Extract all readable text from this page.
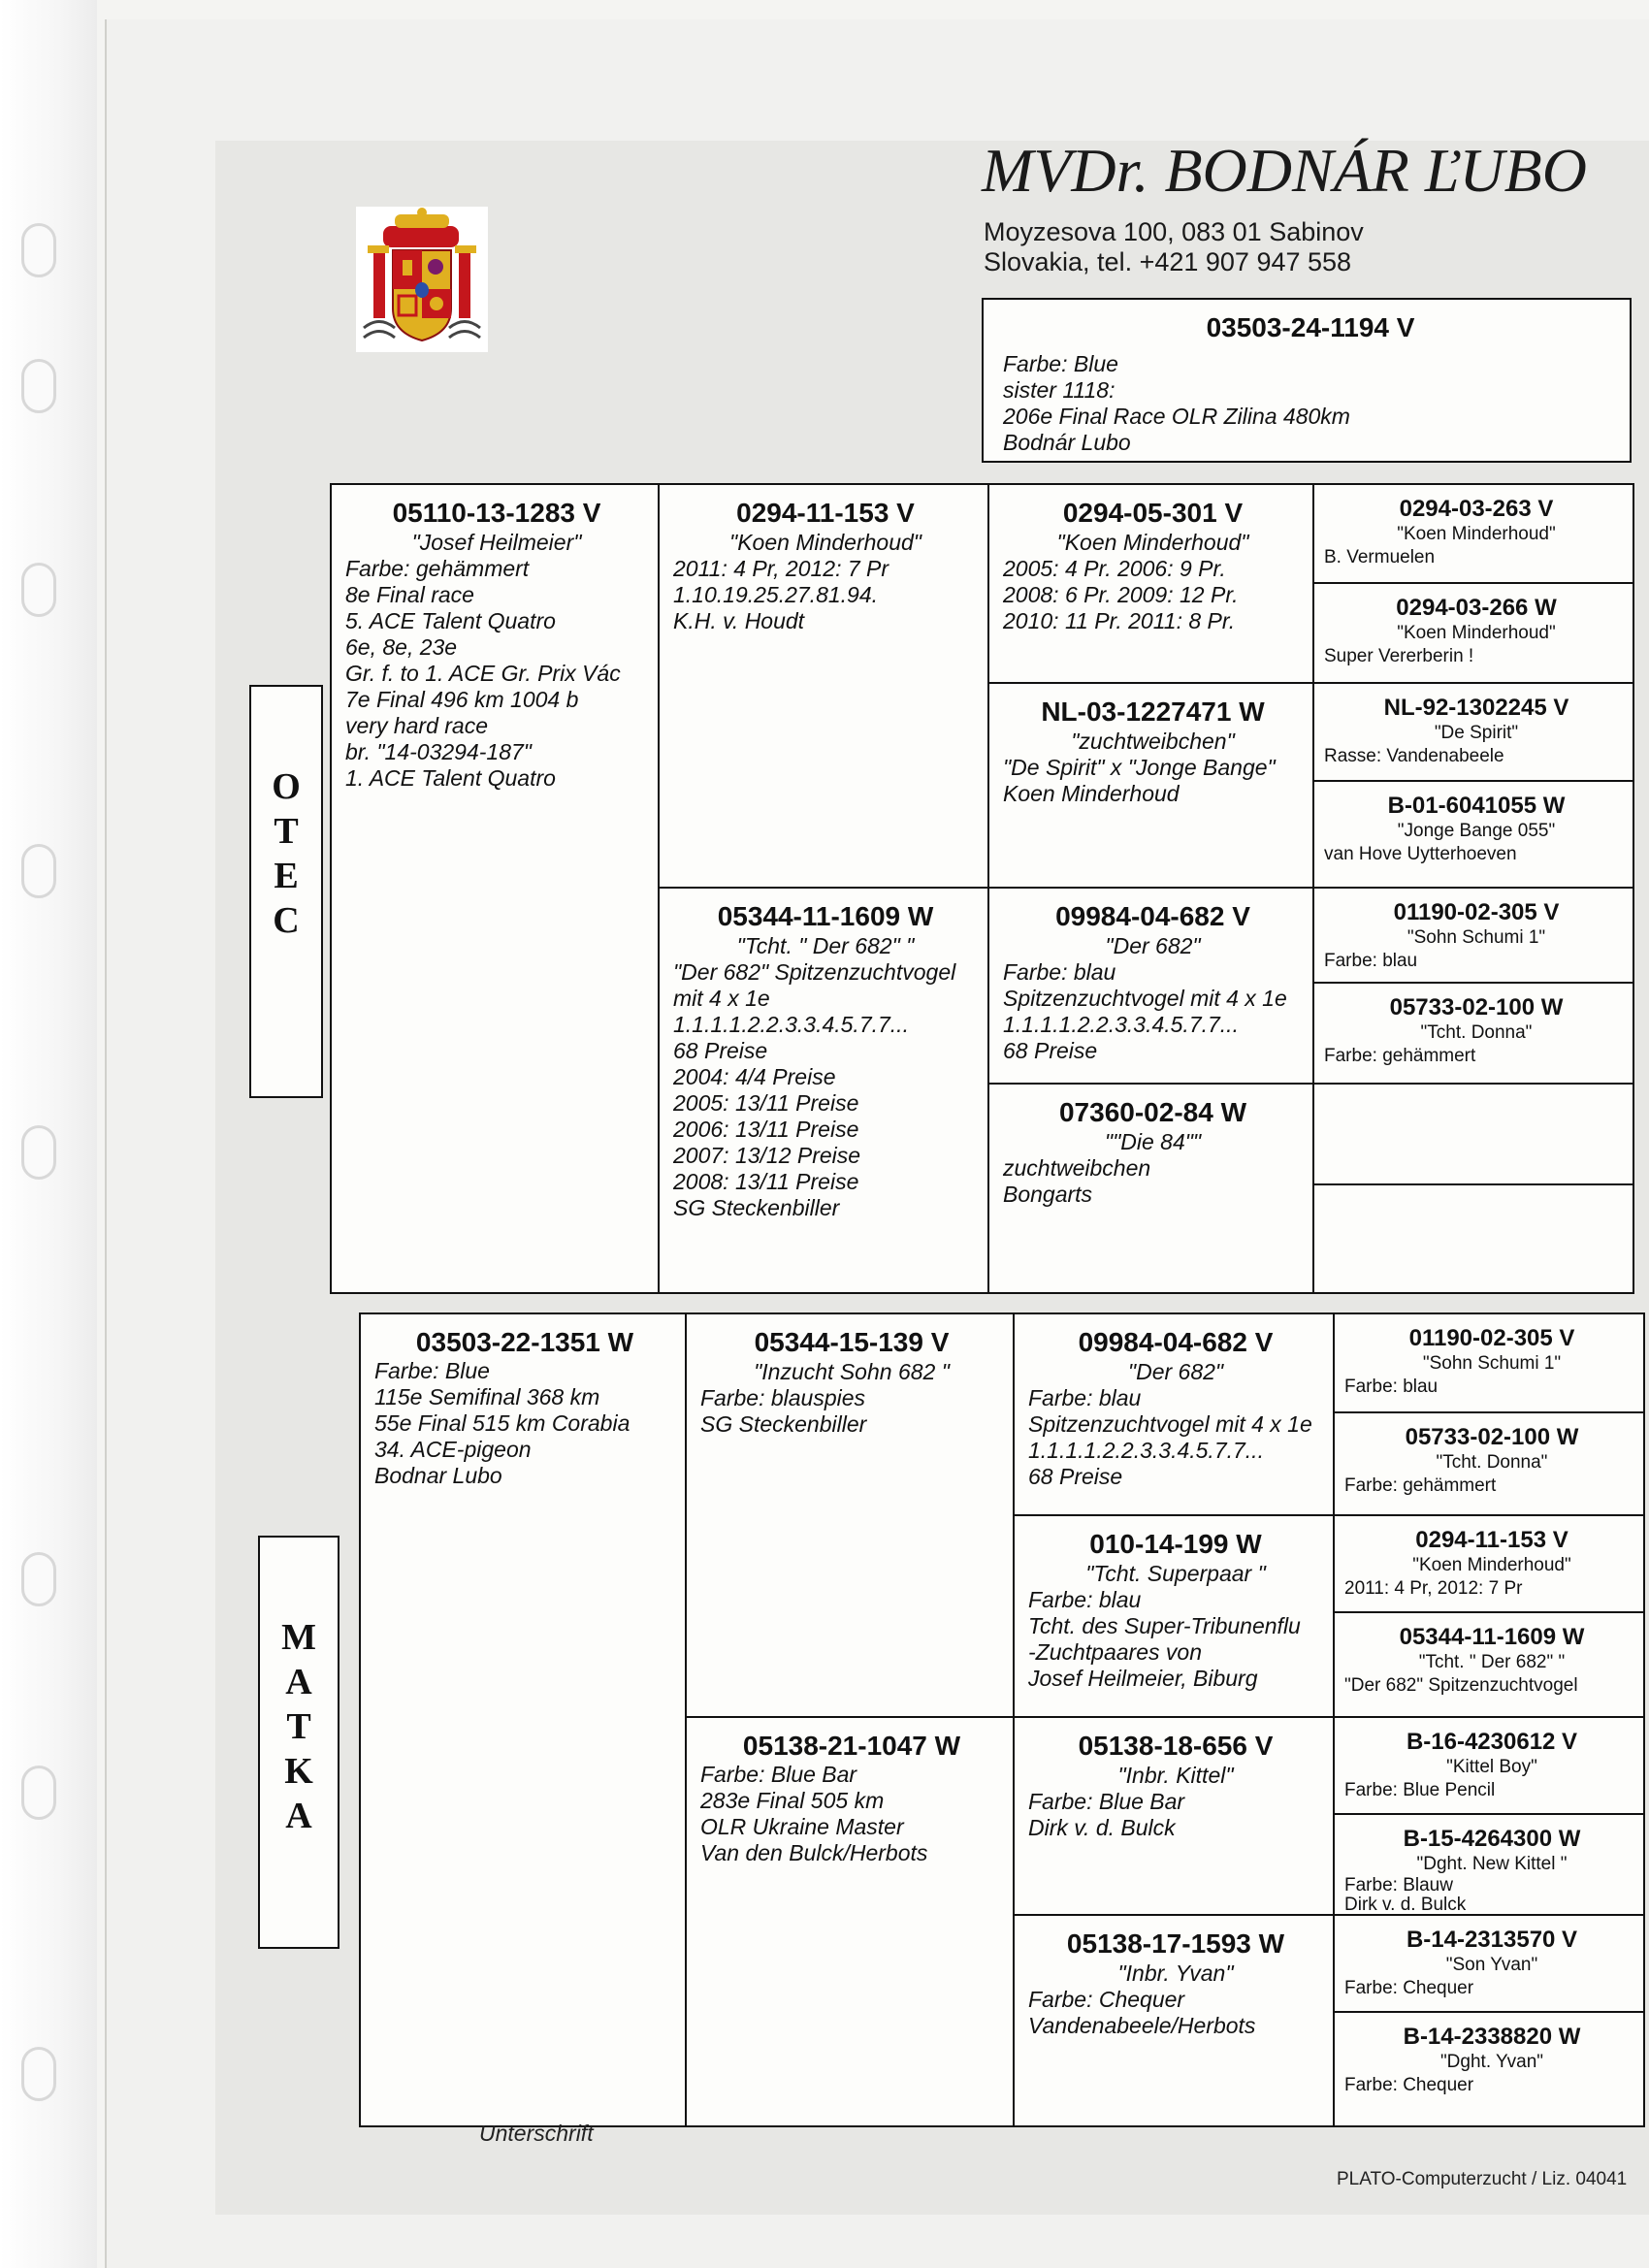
MVDr. BODNÁR ĽUBO
Moyzesova 100, 083 01 Sabinov
Slovakia, tel. +421 907 947 558
03503-24-1194 V
Farbe: Blue
sister 1118:
206e Final Race OLR Zilina 480km
Bodnár Lubo
O
T
E
C
M
A
T
K
A
05110-13-1283 V
"Josef Heilmeier"
Farbe: gehämmert
8e Final race
5. ACE Talent Quatro
6e, 8e, 23e
Gr. f. to 1. ACE Gr. Prix Vác
7e Final 496 km 1004 b
very hard race
br. "14-03294-187"
1. ACE Talent Quatro
0294-11-153 V
"Koen Minderhoud"
2011: 4 Pr, 2012: 7 Pr
1.10.19.25.27.81.94.
K.H. v. Houdt
05344-11-1609 W
"Tcht. " Der 682" "
"Der 682" Spitzenzuchtvogel
mit 4 x 1e
1.1.1.1.2.2.3.3.4.5.7.7...
68 Preise
2004: 4/4 Preise
2005: 13/11 Preise
2006: 13/11 Preise
2007: 13/12 Preise
2008: 13/11 Preise
SG Steckenbiller
0294-05-301 V
"Koen Minderhoud"
2005: 4 Pr. 2006: 9 Pr.
2008: 6 Pr. 2009: 12 Pr.
2010: 11 Pr. 2011: 8 Pr.
NL-03-1227471 W
"zuchtweibchen"
"De Spirit" x "Jonge Bange"
Koen Minderhoud
09984-04-682 V
"Der 682"
Farbe: blau
Spitzenzuchtvogel mit 4 x 1e
1.1.1.1.2.2.3.3.4.5.7.7...
68 Preise
07360-02-84 W
""Die 84""
zuchtweibchen
Bongarts
0294-03-263 V
"Koen Minderhoud"
B. Vermuelen
0294-03-266 W
"Koen Minderhoud"
Super Vererberin !
NL-92-1302245 V
"De Spirit"
Rasse: Vandenabeele
B-01-6041055 W
"Jonge Bange 055"
van Hove Uytterhoeven
01190-02-305 V
"Sohn Schumi 1"
Farbe: blau
05733-02-100 W
"Tcht. Donna"
Farbe: gehämmert
03503-22-1351 W
Farbe: Blue
115e Semifinal 368 km
55e Final 515 km Corabia
34. ACE-pigeon
Bodnar Lubo
05344-15-139 V
"Inzucht Sohn 682 "
Farbe: blauspies
SG Steckenbiller
05138-21-1047 W
Farbe: Blue Bar
283e Final 505 km
OLR Ukraine Master
Van den Bulck/Herbots
09984-04-682 V
"Der 682"
Farbe: blau
Spitzenzuchtvogel mit 4 x 1e
1.1.1.1.2.2.3.3.4.5.7.7...
68 Preise
010-14-199 W
"Tcht. Superpaar "
Farbe: blau
Tcht. des Super-Tribunenflu
-Zuchtpaares von
Josef Heilmeier, Biburg
05138-18-656 V
"Inbr. Kittel"
Farbe: Blue Bar
Dirk v. d. Bulck
05138-17-1593 W
"Inbr. Yvan"
Farbe: Chequer
Vandenabeele/Herbots
01190-02-305 V
"Sohn Schumi 1"
Farbe: blau
05733-02-100 W
"Tcht. Donna"
Farbe: gehämmert
0294-11-153 V
"Koen Minderhoud"
2011: 4 Pr, 2012: 7 Pr
05344-11-1609 W
"Tcht. " Der 682" "
"Der 682" Spitzenzuchtvogel
B-16-4230612 V
"Kittel Boy"
Farbe: Blue Pencil
B-15-4264300 W
"Dght. New Kittel "
Farbe: Blauw
Dirk v. d. Bulck
B-14-2313570 V
"Son Yvan"
Farbe: Chequer
B-14-2338820 W
"Dght. Yvan"
Farbe: Chequer
Unterschrift
PLATO-Computerzucht / Liz. 04041
